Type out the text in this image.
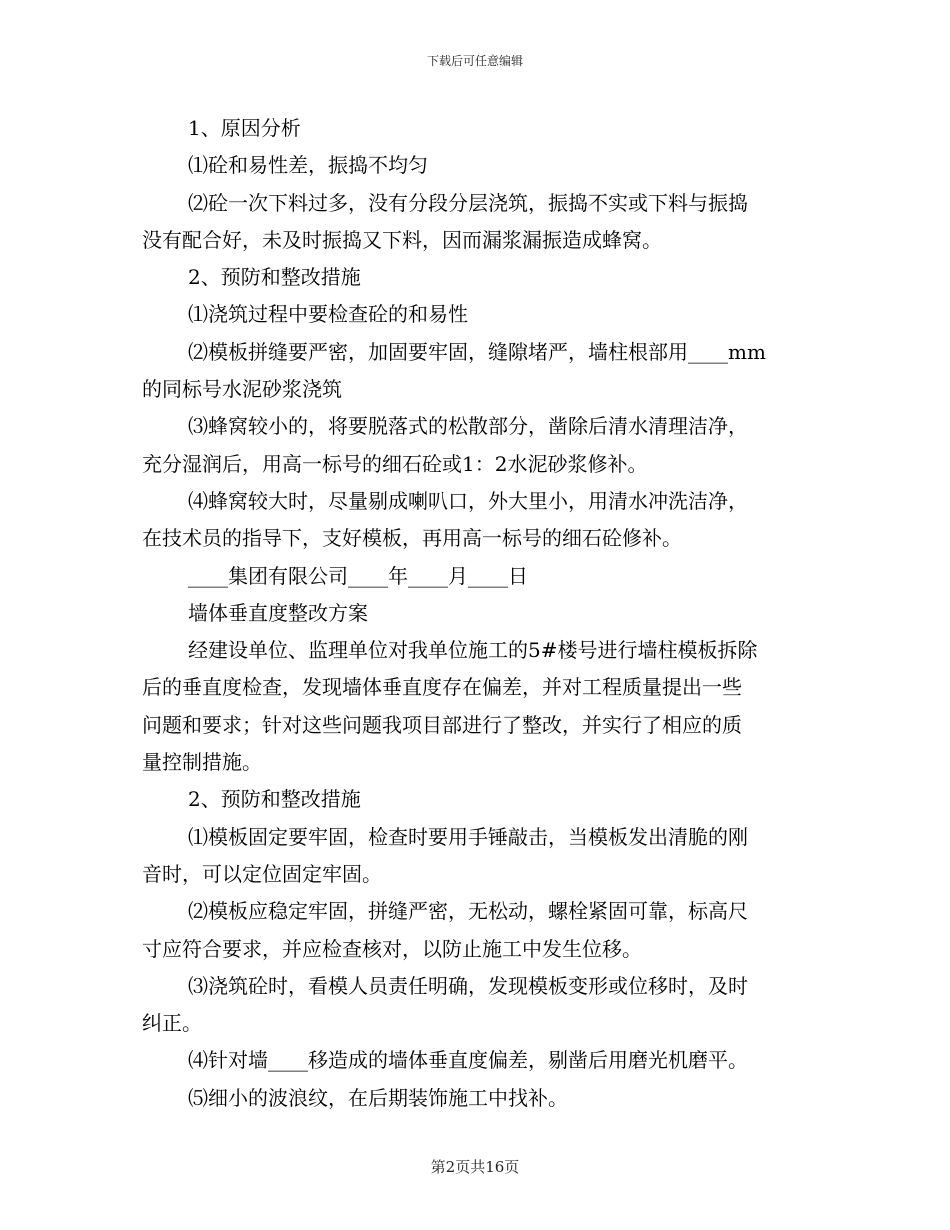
下载后可任意编辑
1、原因分析
⑴砼和易性差，振捣不均匀
⑵砼一次下料过多，没有分段分层浇筑，振捣不实或下料与振捣
没有配合好，未及时振捣又下料，因而漏浆漏振造成蜂窝。
2、预防和整改措施
⑴浇筑过程中要检查砼的和易性
⑵模板拼缝要严密，加固要牢固，缝隙堵严，墙柱根部用____mm
的同标号水泥砂浆浇筑
⑶蜂窝较小的，将要脱落式的松散部分，凿除后清水清理洁净，
充分湿润后，用高一标号的细石砼或1：2水泥砂浆修补。
⑷蜂窝较大时，尽量剔成喇叭口，外大里小，用清水冲洗洁净，
在技术员的指导下，支好模板，再用高一标号的细石砼修补。
____集团有限公司____年____月____日
墙体垂直度整改方案
经建设单位、监理单位对我单位施工的5#楼号进行墙柱模板拆除
后的垂直度检查，发现墙体垂直度存在偏差，并对工程质量提出一些
问题和要求；针对这些问题我项目部进行了整改，并实行了相应的质
量控制措施。
2、预防和整改措施
⑴模板固定要牢固，检查时要用手锤敲击，当模板发出清脆的刚
音时，可以定位固定牢固。
⑵模板应稳定牢固，拼缝严密，无松动，螺栓紧固可靠，标高尺
寸应符合要求，并应检查核对，以防止施工中发生位移。
⑶浇筑砼时，看模人员责任明确，发现模板变形或位移时，及时
纠正。
⑷针对墙____移造成的墙体垂直度偏差，剔凿后用磨光机磨平。
⑸细小的波浪纹，在后期装饰施工中找补。
第2页共16页
